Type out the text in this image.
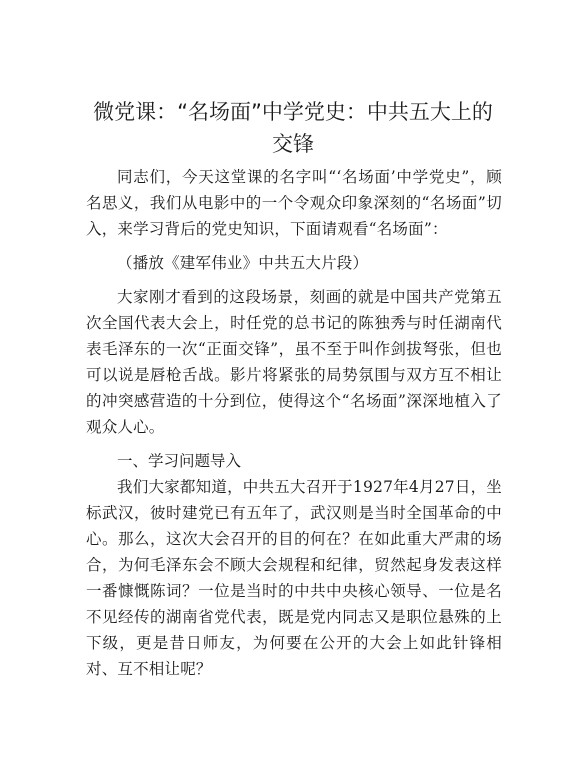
微党课：“名场面”中学党史：中共五大上的
交锋

同志们，今天这堂课的名字叫“‘名场面’中学党史”，顾名思义，我们从电影中的一个令观众印象深刻的“名场面”切入，来学习背后的党史知识，下面请观看“名场面”：

（播放《建军伟业》中共五大片段）

大家刚才看到的这段场景，刻画的就是中国共产党第五次全国代表大会上，时任党的总书记的陈独秀与时任湖南代表毛泽东的一次“正面交锋”，虽不至于叫作剑拔弩张，但也可以说是唇枪舌战。影片将紧张的局势氛围与双方互不相让的冲突感营造的十分到位，使得这个“名场面”深深地植入了观众人心。

一、学习问题导入

我们大家都知道，中共五大召开于1927年4月27日，坐标武汉，彼时建党已有五年了，武汉则是当时全国革命的中心。那么，这次大会召开的目的何在？在如此重大严肃的场合，为何毛泽东会不顾大会规程和纪律，贸然起身发表这样一番慷慨陈词？一位是当时的中共中央核心领导、一位是名不见经传的湖南省党代表，既是党内同志又是职位悬殊的上下级，更是昔日师友，为何要在公开的大会上如此针锋相对、互不相让呢？
